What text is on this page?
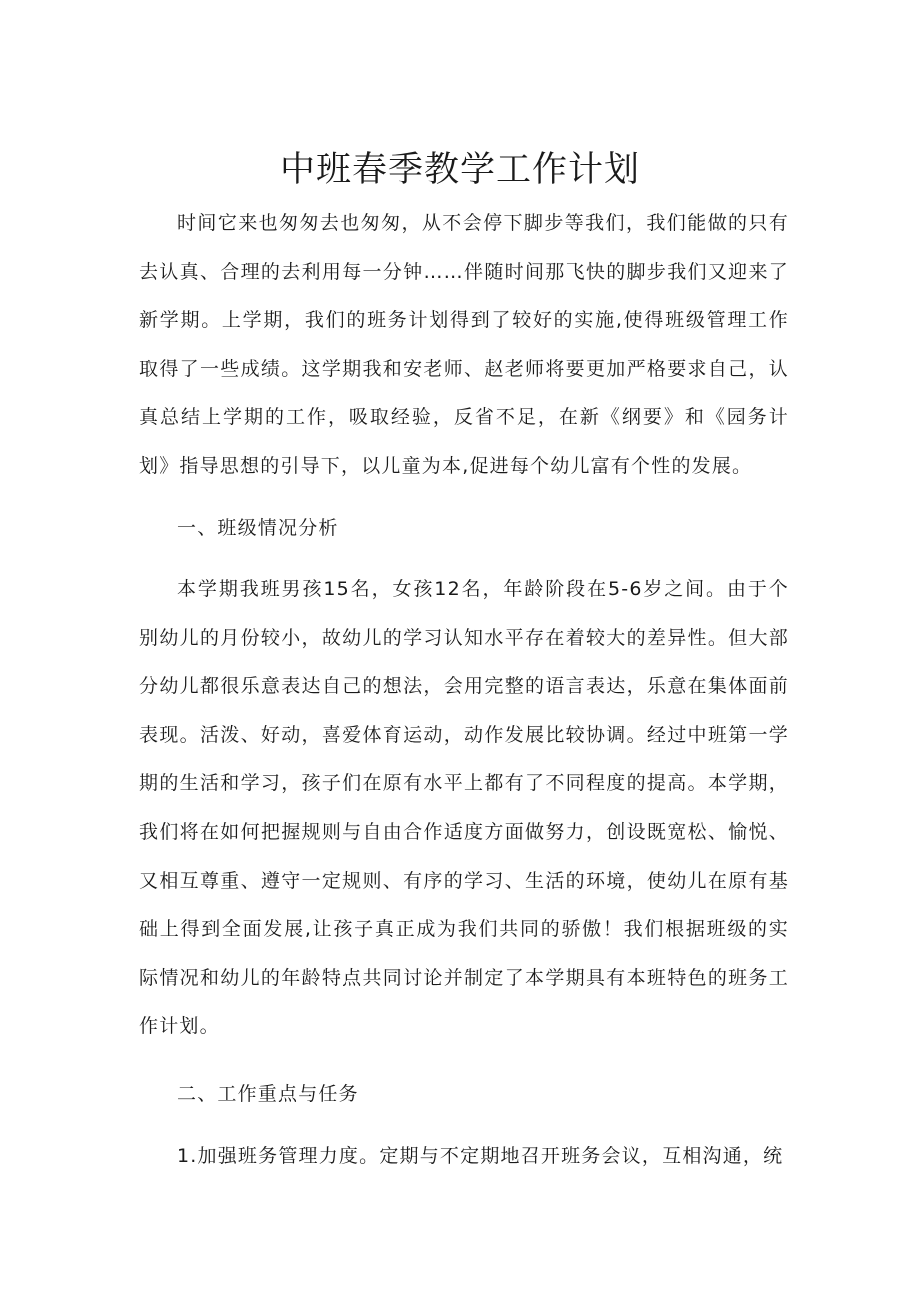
中班春季教学工作计划

时间它来也匆匆去也匆匆，从不会停下脚步等我们，我们能做的只有去认真、合理的去利用每一分钟……伴随时间那飞快的脚步我们又迎来了新学期。上学期，我们的班务计划得到了较好的实施,使得班级管理工作取得了一些成绩。这学期我和安老师、赵老师将要更加严格要求自己，认真总结上学期的工作，吸取经验，反省不足，在新《纲要》和《园务计划》指导思想的引导下，以儿童为本,促进每个幼儿富有个性的发展。

一、班级情况分析

本学期我班男孩15名，女孩12名，年龄阶段在5-6岁之间。由于个别幼儿的月份较小，故幼儿的学习认知水平存在着较大的差异性。但大部分幼儿都很乐意表达自己的想法，会用完整的语言表达，乐意在集体面前表现。活泼、好动，喜爱体育运动，动作发展比较协调。经过中班第一学期的生活和学习，孩子们在原有水平上都有了不同程度的提高。本学期，我们将在如何把握规则与自由合作适度方面做努力，创设既宽松、愉悦、又相互尊重、遵守一定规则、有序的学习、生活的环境，使幼儿在原有基础上得到全面发展,让孩子真正成为我们共同的骄傲！我们根据班级的实际情况和幼儿的年龄特点共同讨论并制定了本学期具有本班特色的班务工作计划。

二、工作重点与任务

1.加强班务管理力度。定期与不定期地召开班务会议，互相沟通，统
